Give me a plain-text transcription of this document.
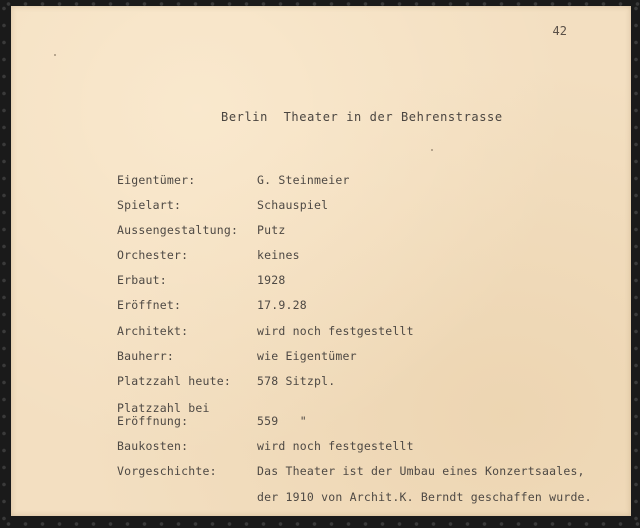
42
Berlin  Theater in der Behrenstrasse
Eigentümer:	G. Steinmeier
Spielart:	Schauspiel
Aussengestaltung: Putz
Orchester:	keines
Erbaut:	1928
Eröffnet:	17.9.28
Architekt:	wird noch festgestellt
Bauherr:	wie Eigentümer
Platzzahl heute: 578 Sitzpl.
Platzzahl bei
Eröffnung:	559   "
Baukosten:	wird noch festgestellt
Vorgeschichte:	Das Theater ist der Umbau eines Konzertsaales,
der 1910 von Archit.K. Berndt geschaffen wurde.
